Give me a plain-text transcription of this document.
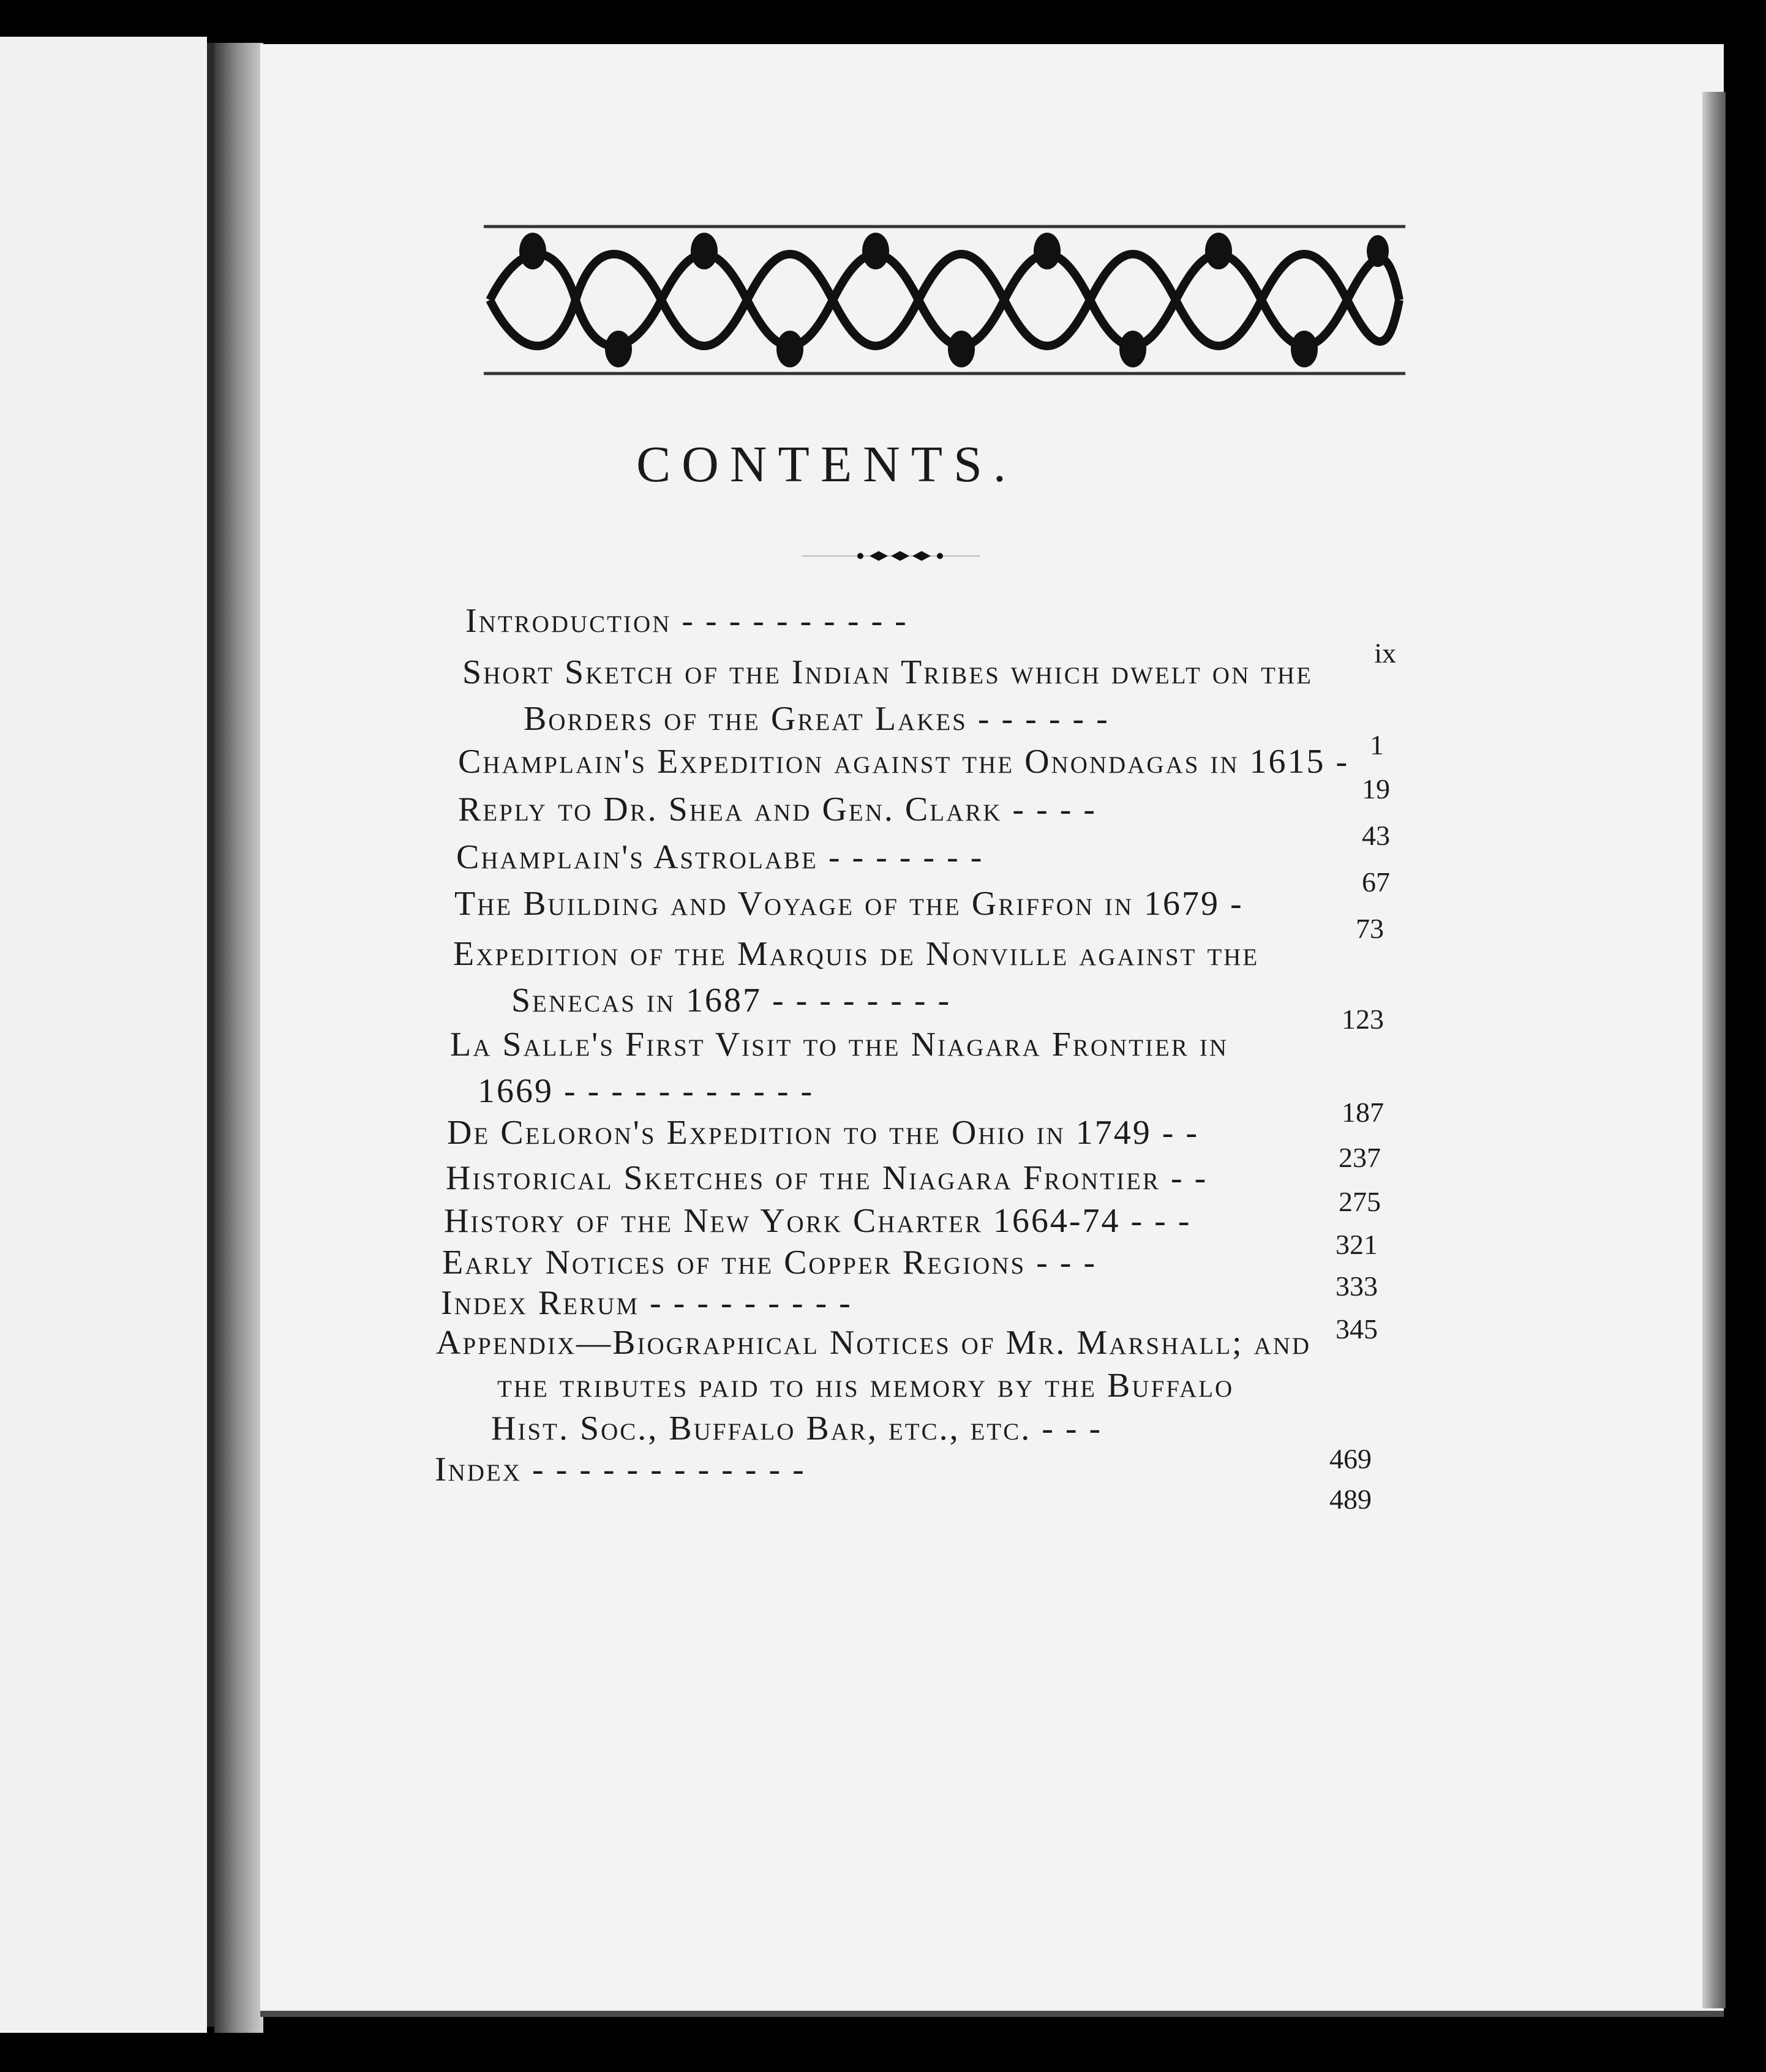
CONTENTS.
Introduction - - - - - - - - - -
ix
Short Sketch of the Indian Tribes which dwelt on the
Borders of the Great Lakes - - - - - -
1
Champlain's Expedition against the Onondagas in 1615 -
19
Reply to Dr. Shea and Gen. Clark - - - -
43
Champlain's Astrolabe - - - - - - -
67
The Building and Voyage of the Griffon in 1679 -
73
Expedition of the Marquis de Nonville against the
Senecas in 1687 - - - - - - - -	123
La Salle's First Visit to the Niagara Frontier in
1669 - - - - - - - - - - -
187
De Celoron's Expedition to the Ohio in 1749 - -
237
Historical Sketches of the Niagara Frontier - -
275
History of the New York Charter 1664-74 - - -
321
Early Notices of the Copper Regions - - -
333
Index Rerum - - - - - - - - -
345
Appendix—Biographical Notices of Mr. Marshall; and
the tributes paid to his memory by the Buffalo
Hist. Soc., Buffalo Bar, etc., etc. - - -
469
Index - - - - - - - - - - - -
489
